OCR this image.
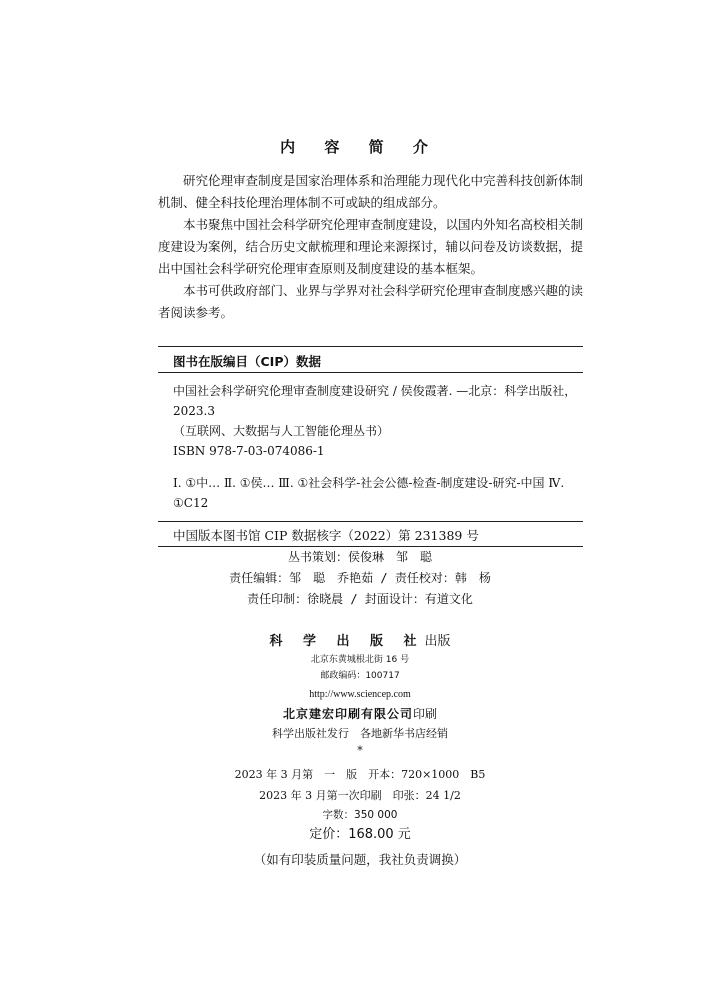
内 容 简 介

研究伦理审查制度是国家治理体系和治理能力现代化中完善科技创新体制机制、健全科技伦理治理体制不可或缺的组成部分。

本书聚焦中国社会科学研究伦理审查制度建设，以国内外知名高校相关制度建设为案例，结合历史文献梳理和理论来源探讨，辅以问卷及访谈数据，提出中国社会科学研究伦理审查原则及制度建设的基本框架。

本书可供政府部门、业界与学界对社会科学研究伦理审查制度感兴趣的读者阅读参考。

图书在版编目（CIP）数据
中国社会科学研究伦理审查制度建设研究 / 侯俊霞著. —北京：科学出版社，2023.3
（互联网、大数据与人工智能伦理丛书）
ISBN 978-7-03-074086-1
Ⅰ. ①中… Ⅱ. ①侯… Ⅲ. ①社会科学-社会公德-检查-制度建设-研究-中国 Ⅳ. ①C12
中国版本图书馆 CIP 数据核字（2022）第 231389 号
丛书策划：侯俊琳　邹　聪
责任编辑：邹　聪　乔艳茹 / 责任校对：韩　杨
责任印制：徐晓晨 / 封面设计：有道文化
科 学 出 版 社出版
北京东黄城根北街 16 号
邮政编码：100717
http://www.sciencep.com
北京建宏印刷有限公司印刷
科学出版社发行　各地新华书店经销
*
2023 年 3 月第　一　版　开本：720×1000　B5
2023 年 3 月第一次印刷　印张：24 1/2
字数：350 000
定价：168.00 元
（如有印装质量问题，我社负责调换）
